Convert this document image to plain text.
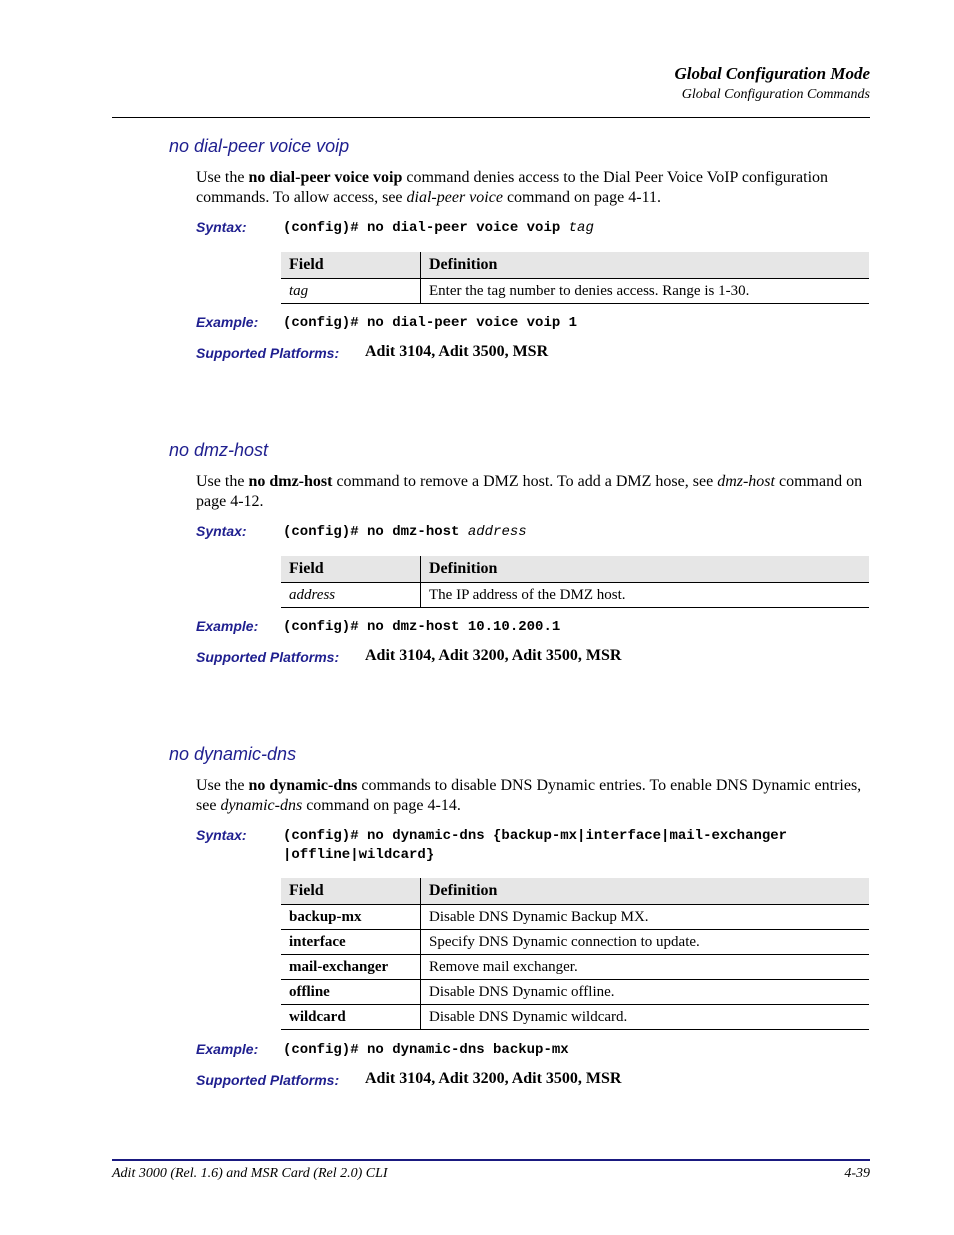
Global Configuration Mode
Global Configuration Commands
no dial-peer voice voip
Use the no dial-peer voice voip command denies access to the Dial Peer Voice VoIP configuration commands. To allow access, see dial-peer voice command on page 4-11.
Syntax:	(config)# no dial-peer voice voip tag
Field	Definition
tag	Enter the tag number to denies access. Range is 1-30.
Example: (config)# no dial-peer voice voip 1
Supported Platforms: Adit 3104, Adit 3500, MSR
no dmz-host
Use the no dmz-host command to remove a DMZ host. To add a DMZ hose, see dmz-host command on page 4-12.
Syntax:	(config)# no dmz-host address
Field	Definition
address	The IP address of the DMZ host.
Example: (config)# no dmz-host 10.10.200.1
Supported Platforms: Adit 3104, Adit 3200, Adit 3500, MSR
no dynamic-dns
Use the no dynamic-dns commands to disable DNS Dynamic entries. To enable DNS Dynamic entries, see dynamic-dns command on page 4-14.
Syntax:	(config)# no dynamic-dns {backup-mx|interface|mail-exchanger
|offline|wildcard}
Field	Definition
backup-mx	Disable DNS Dynamic Backup MX.
interface	Specify DNS Dynamic connection to update.
mail-exchanger	Remove mail exchanger.
offline	Disable DNS Dynamic offline.
wildcard	Disable DNS Dynamic wildcard.
Example: (config)# no dynamic-dns backup-mx
Supported Platforms: Adit 3104, Adit 3200, Adit 3500, MSR
Adit 3000 (Rel. 1.6) and MSR Card (Rel 2.0) CLI	4-39
